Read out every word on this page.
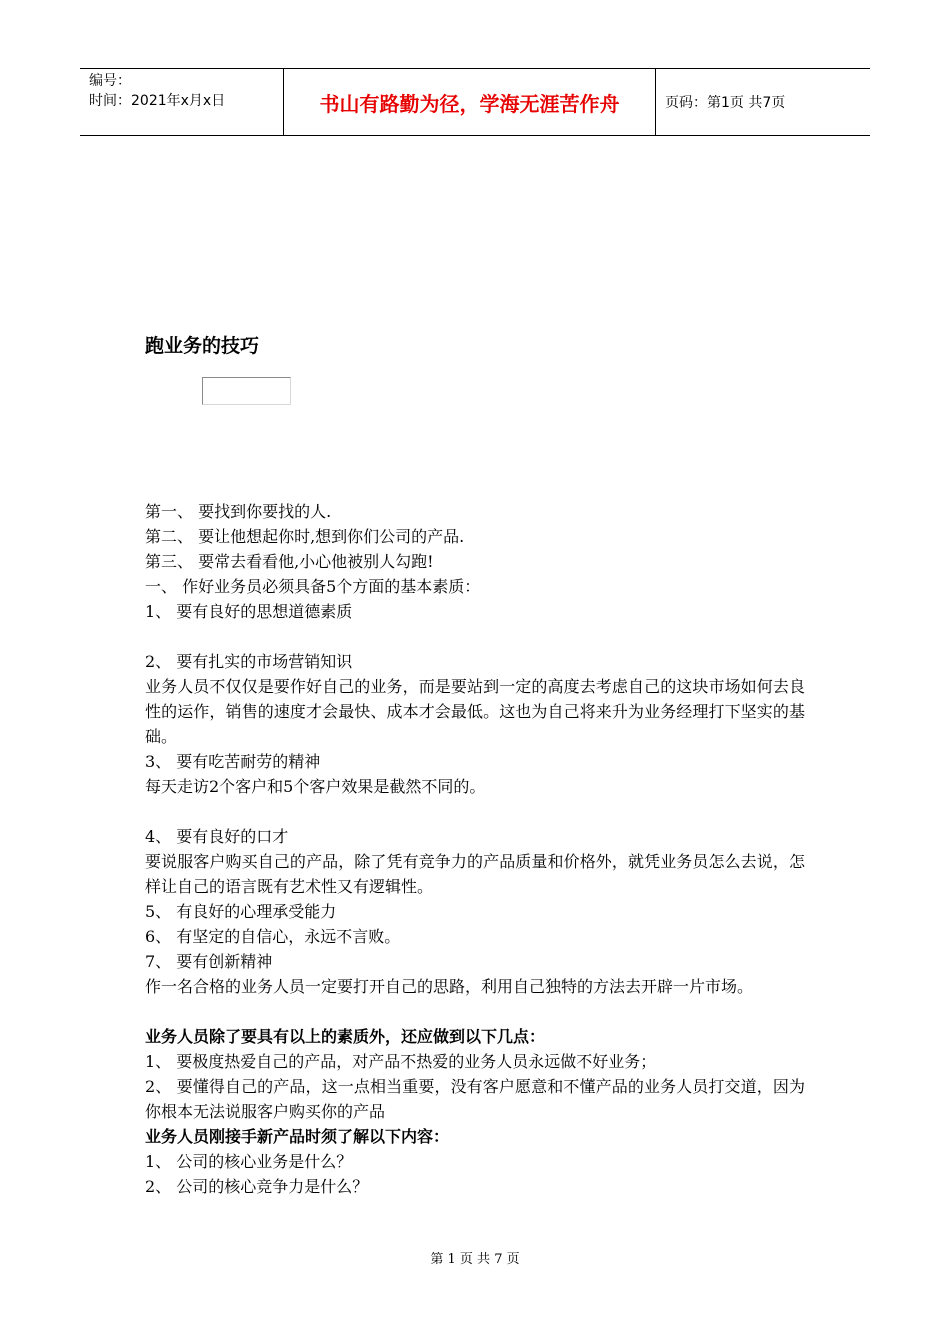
编号：
时间：2021年x月x日	书山有路勤为径，学海无涯苦作舟	页码：第1页 共7页
跑业务的技巧
第一、 要找到你要找的人.
第二、 要让他想起你时,想到你们公司的产品.
第三、 要常去看看他,小心他被别人勾跑!
一、 作好业务员必须具备5个方面的基本素质：
1、 要有良好的思想道德素质
2、 要有扎实的市场营销知识
业务人员不仅仅是要作好自己的业务，而是要站到一定的高度去考虑自己的这块市场如何去良性的运作，销售的速度才会最快、成本才会最低。这也为自己将来升为业务经理打下坚实的基础。
3、 要有吃苦耐劳的精神
每天走访2个客户和5个客户效果是截然不同的。
4、 要有良好的口才
要说服客户购买自己的产品，除了凭有竞争力的产品质量和价格外，就凭业务员怎么去说，怎样让自己的语言既有艺术性又有逻辑性。
5、 有良好的心理承受能力
6、 有坚定的自信心，永远不言败。
7、 要有创新精神
作一名合格的业务人员一定要打开自己的思路，利用自己独特的方法去开辟一片市场。
业务人员除了要具有以上的素质外，还应做到以下几点：
1、 要极度热爱自己的产品，对产品不热爱的业务人员永远做不好业务；
2、 要懂得自己的产品，这一点相当重要，没有客户愿意和不懂产品的业务人员打交道，因为你根本无法说服客户购买你的产品
业务人员刚接手新产品时须了解以下内容：
1、 公司的核心业务是什么？
2、 公司的核心竞争力是什么？
第 1 页 共 7 页
